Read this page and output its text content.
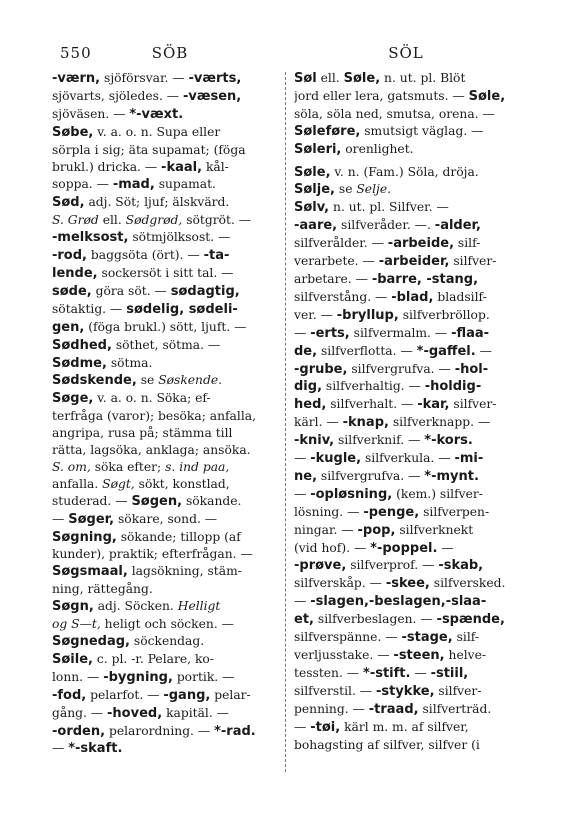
550	SÖB	SÖL
-værn, sjöförsvar. — -værts,
sjövarts, sjöledes. — -væsen,
sjöväsen. — *-væxt.
Søbe, v. a. o. n. Supa eller
sörpla i sig; äta supamat; (föga
brukl.) dricka. — -kaal, kål-
soppa. — -mad, supamat.
Sød, adj. Söt; ljuf; älskvärd.
S. Grød ell. Sødgrød, sötgröt. —
-melksost, sötmjölksost. —
-rod, baggsöta (ört). — -ta-
lende, sockersöt i sitt tal. —
søde, göra söt. — sødagtig,
sötaktig. — sødelig, sødeli-
gen, (föga brukl.) sött, ljuft. —
Sødhed, söthet, sötma. —
Sødme, sötma.
Sødskende, se Søskende.
Søge, v. a. o. n. Söka; ef-
terfråga (varor); besöka; anfalla,
angripa, rusa på; stämma till
rätta, lagsöka, anklaga; ansöka.
S. om, söka efter; s. ind paa,
anfalla. Søgt, sökt, konstlad,
studerad. — Søgen, sökande.
— Søger, sökare, sond. —
Søgning, sökande; tillopp (af
kunder), praktik; efterfrågan. —
Søgsmaal, lagsökning, stäm-
ning, rättegång.
Søgn, adj. Söcken. Helligt
og S—t, heligt och söcken. —
Søgnedag, söckendag.
Søile, c. pl. -r. Pelare, ko-
lonn. — -bygning, portik. —
-fod, pelarfot. — -gang, pelar-
gång. — -hoved, kapitäl. —
-orden, pelarordning. — *-rad.
— *-skaft.
Søl ell. Søle, n. ut. pl. Blöt
jord eller lera, gatsmuts. — Søle,
söla, söla ned, smutsa, orena. —
Søleføre, smutsigt väglag. —
Søleri, orenlighet.
Søle, v. n. (Fam.) Söla, dröja.
Sølje, se Selje.
Sølv, n. ut. pl. Silfver. —
-aare, silfveråder. —. -alder,
silfverålder. — -arbeide, silf-
verarbete. — -arbeider, silfver-
arbetare. — -barre, -stang,
silfverstång. — -blad, bladsilf-
ver. — -bryllup, silfverbröllop.
— -erts, silfvermalm. — -flaa-
de, silfverflotta. — *-gaffel. —
-grube, silfvergrufva. — -hol-
dig, silfverhaltig. — -holdig-
hed, silfverhalt. — -kar, silfver-
kärl. — -knap, silfverknapp. —
-kniv, silfverknif. — *-kors.
— -kugle, silfverkula. — -mi-
ne, silfvergrufva. — *-mynt.
— -opløsning, (kem.) silfver-
lösning. — -penge, silfverpen-
ningar. — -pop, silfverknekt
(vid hof). — *-poppel. —
-prøve, silfverprof. — -skab,
silfverskåp. — -skee, silfversked.
— -slagen,-beslagen,-slaa-
et, silfverbeslagen. — -spænde,
silfverspänne. — -stage, silf-
verljusstake. — -steen, helve-
tessten. — *-stift. — -stiil,
silfverstil. — -stykke, silfver-
penning. — -traad, silfverträd.
— -tøi, kärl m. m. af silfver,
bohagsting af silfver, silfver (i
